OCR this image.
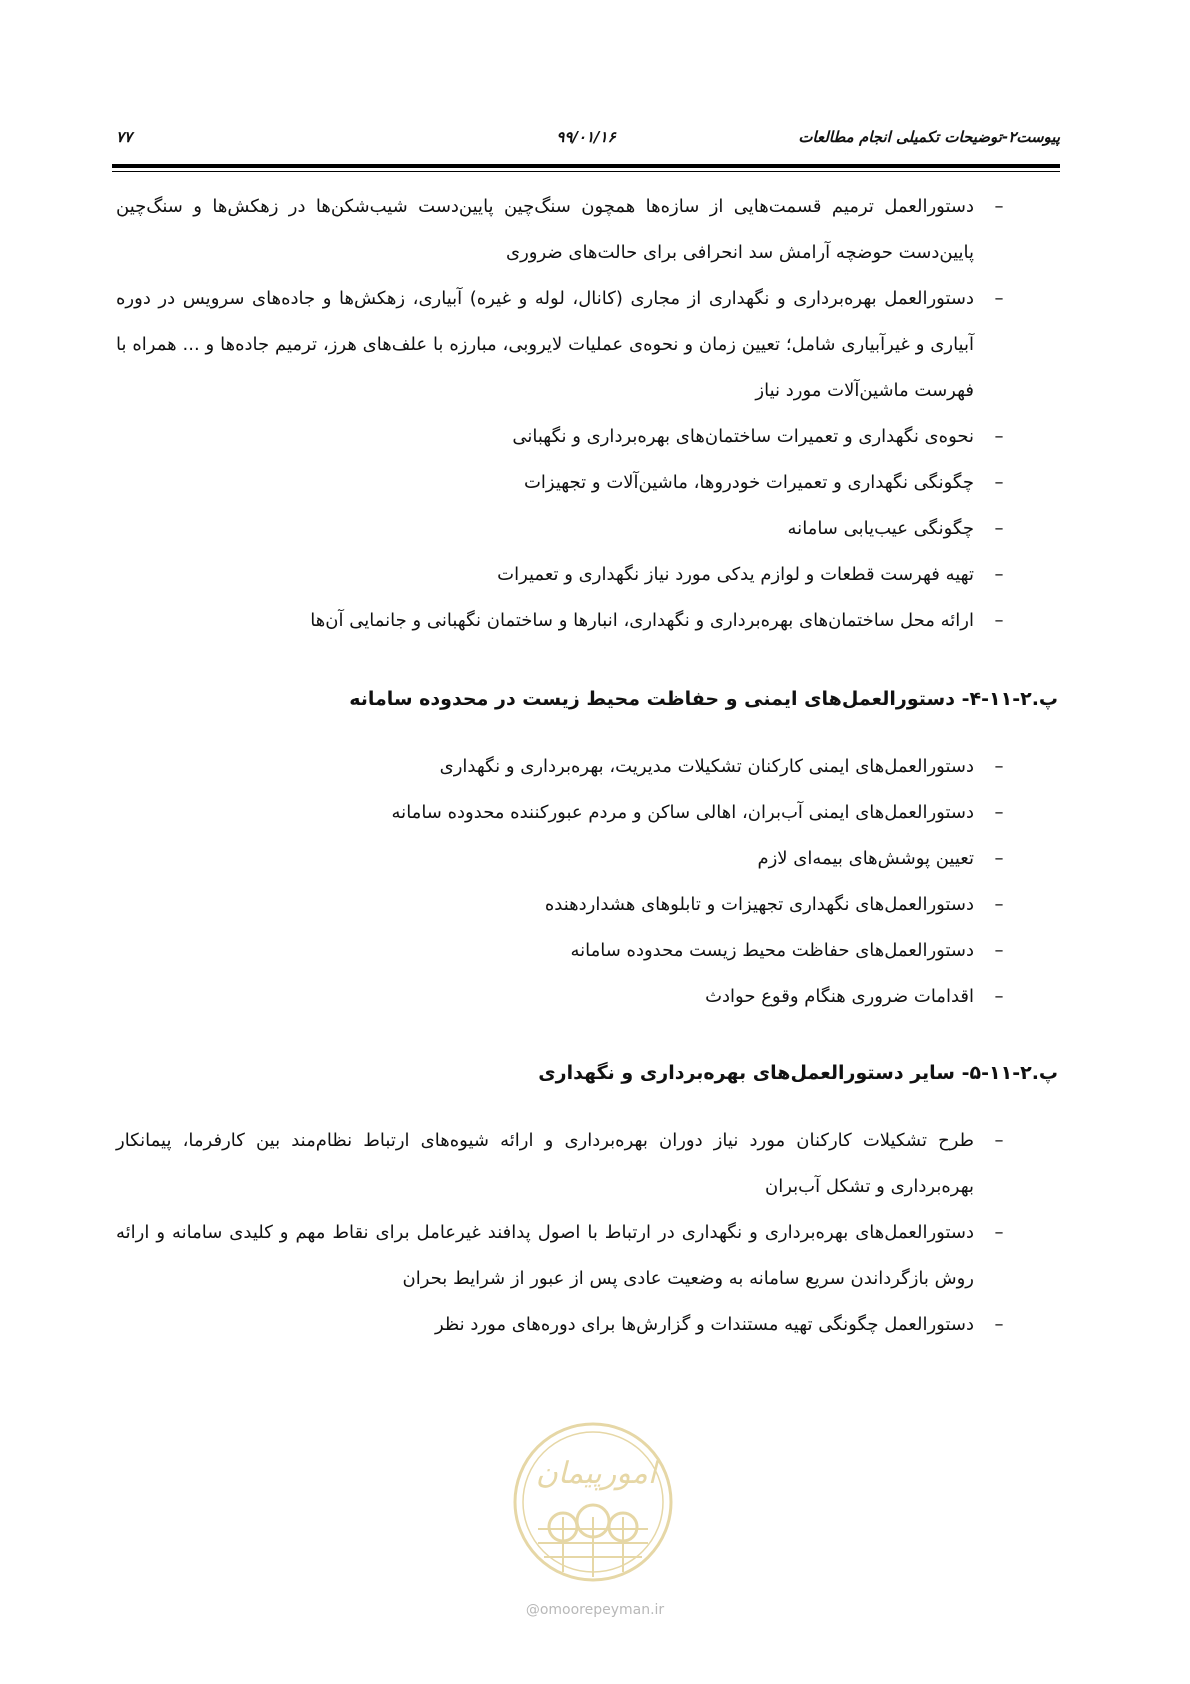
پیوست۲-توضیحات تکمیلی انجام مطالعات
۹۹/۰۱/۱۶
۷۷
–
دستورالعمل ترمیم قسمت‌هایی از سازه‌ها همچون سنگ‌چین پایین‌دست شیب‌شکن‌ها در زهکش‌ها و سنگ‌چین پایین‌دست حوضچه آرامش سد انحرافی برای حالت‌های ضروری
–
دستورالعمل بهره‌برداری و نگهداری از مجاری (کانال، لوله و غیره) آبیاری، زهکش‌ها و جاده‌های سرویس در دوره آبیاری و غیرآبیاری شامل؛ تعیین زمان و نحوه‌ی عملیات لایروبی، مبارزه با علف‌های هرز، ترمیم جاده‌ها و ... همراه با فهرست ماشین‌آلات مورد نیاز
–
نحوه‌ی نگهداری و تعمیرات ساختمان‌های بهره‌برداری و نگهبانی
–
چگونگی نگهداری و تعمیرات خودروها، ماشین‌آلات و تجهیزات
–
چگونگی عیب‌یابی سامانه
–
تهیه فهرست قطعات و لوازم یدکی مورد نیاز نگهداری و تعمیرات
–
ارائه محل ساختمان‌های بهره‌برداری و نگهداری، انبارها و ساختمان نگهبانی و جانمایی آن‌ها
پ.۲-۱۱-۴- دستورالعمل‌های ایمنی و حفاظت محیط زیست در محدوده سامانه
–
دستورالعمل‌های ایمنی کارکنان تشکیلات مدیریت، بهره‌برداری و نگهداری
–
دستورالعمل‌های ایمنی آب‌بران، اهالی ساکن و مردم عبورکننده محدوده سامانه
–
تعیین پوشش‌های بیمه‌ای لازم
–
دستورالعمل‌های نگهداری تجهیزات و تابلوهای هشداردهنده
–
دستورالعمل‌های حفاظت محیط زیست محدوده سامانه
–
اقدامات ضروری هنگام وقوع حوادث
پ.۲-۱۱-۵- سایر دستورالعمل‌های بهره‌برداری و نگهداری
–
طرح تشکیلات کارکنان مورد نیاز دوران بهره‌برداری و ارائه شیوه‌های ارتباط نظام‌مند بین کارفرما، پیمانکار بهره‌برداری و تشکل آب‌بران
–
دستورالعمل‌های بهره‌برداری و نگهداری در ارتباط با اصول پدافند غیرعامل برای نقاط مهم و کلیدی سامانه و ارائه روش بازگرداندن سریع سامانه به وضعیت عادی پس از عبور از شرایط بحران
–
دستورالعمل چگونگی تهیه مستندات و گزارش‌ها برای دوره‌های مورد نظر
امورپیمان
@omoorepeyman.ir
